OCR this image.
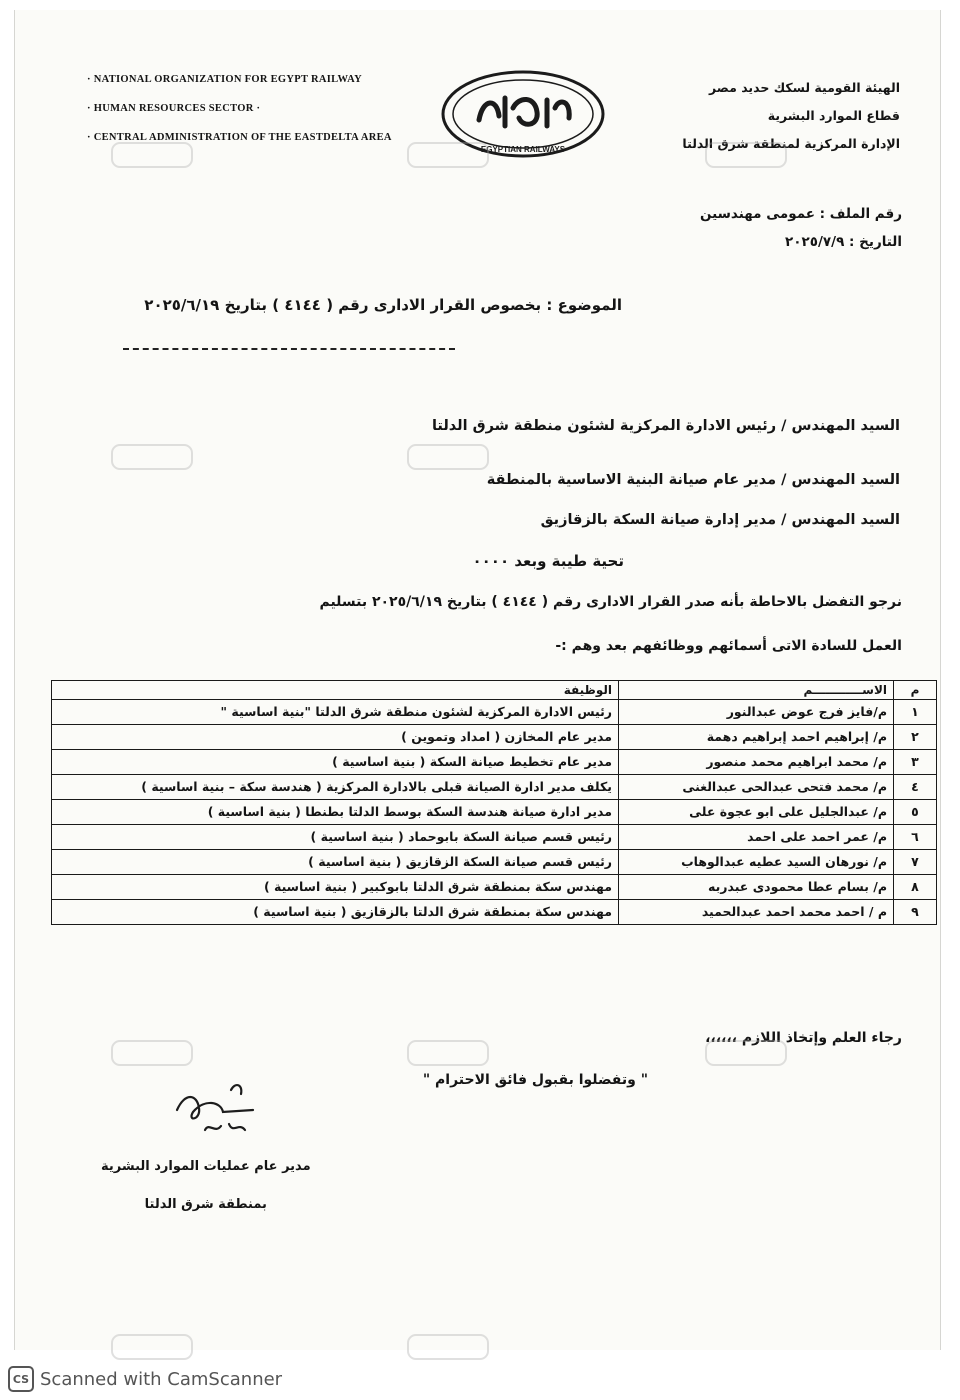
· NATIONAL ORGANIZATION FOR EGYPT RAILWAY
· HUMAN RESOURCES SECTOR ·
· CENTRAL ADMINISTRATION OF THE EASTDELTA AREA
EGYPTIAN RAILWAYS
الهيئة القومية لسكك حديد مصر
قطاع الموارد البشرية
الإدارة المركزية لمنطقة شرق الدلتا
رقم الملف : عمومى مهندسين
التاريخ : ٢٠٢٥/٧/٩
الموضوع : بخصوص القرار الادارى رقم ( ٤١٤٤ ) بتاريخ ٢٠٢٥/٦/١٩
السيد المهندس / رئيس الادارة المركزية لشئون منطقة شرق الدلتا
السيد المهندس / مدير عام صيانة البنية الاساسية بالمنطقة
السيد المهندس / مدير إدارة صيانة السكة بالزقازيق
تحية طيبة وبعد ٠٠٠٠
نرجو التفضل بالاحاطة بأنه صدر القرار الادارى رقم ( ٤١٤٤ ) بتاريخ ٢٠٢٥/٦/١٩ بتسليم
العمل للسادة الاتى أسمائهم ووظائفهم بعد وهم :-
م	الاســــــــــــم	الوظيفة
١	م/فايز فرج عوض عبدالنور	رئيس الادارة المركزية لشئون منطقة شرق الدلتا "بنية اساسية "
٢	م/ إبراهيم احمد إبراهيم دهمة	مدير عام المخازن ( امداد وتموين )
٣	م/ محمد ابراهيم محمد منصور	مدير عام تخطيط صيانة السكة ( بنية اساسية )
٤	م/ محمد فتحى عبدالحى عبدالغنى	يكلف مدير ادارة الصيانة قبلى بالادارة المركزية ( هندسة سكة – بنية اساسية )
٥	م/ عبدالجليل على ابو عجوة على	مدير ادارة صيانة هندسة السكة بوسط الدلتا بطنطا ( بنية اساسية )
٦	م/ عمر احمد على احمد	رئيس قسم صيانة السكة بابوحماد ( بنية اساسية )
٧	م/ نورهان السيد عطيه عبدالوهاب	رئيس قسم صيانة السكة الزقازيق ( بنية اساسية )
٨	م/ بسام عطا محمودى عبدربه	مهندس سكة بمنطقة شرق الدلتا بابوكبير ( بنية اساسية )
٩	م / احمد محمد احمد عبدالحميد	مهندس سكة بمنطقة شرق الدلتا بالزقازيق ( بنية اساسية )
رجاء العلم وإتخاذ اللازم ،،،،،،
" وتفضلوا بقبول فائق الاحترام "
مدير عام عمليات الموارد البشرية
بمنطقة شرق الدلتا
CS Scanned with CamScanner
